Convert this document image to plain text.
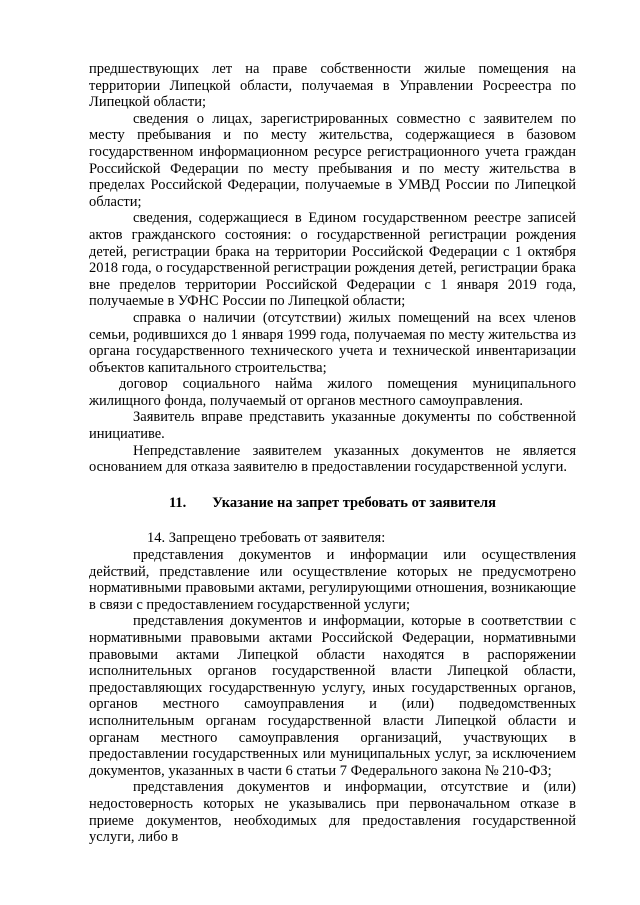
предшествующих лет на праве собственности жилые помещения на территории Липецкой области, получаемая в Управлении Росреестра по Липецкой области;

сведения о лицах, зарегистрированных совместно с заявителем по месту пребывания и по месту жительства, содержащиеся в базовом государственном информационном ресурсе регистрационного учета граждан Российской Федерации по месту пребывания и по месту жительства в пределах Российской Федерации, получаемые в УМВД России по Липецкой области;

сведения, содержащиеся в Едином государственном реестре записей актов гражданского состояния: о государственной регистрации рождения детей, регистрации брака на территории Российской Федерации с 1 октября 2018 года, о государственной регистрации рождения детей, регистрации брака вне пределов территории Российской Федерации с 1 января 2019 года, получаемые в УФНС России по Липецкой области;

справка о наличии (отсутствии) жилых помещений на всех членов семьи, родившихся до 1 января 1999 года, получаемая по месту жительства из органа государственного технического учета и технической инвентаризации объектов капитального строительства;

договор социального найма жилого помещения муниципального жилищного фонда, получаемый от органов местного самоуправления.

Заявитель вправе представить указанные документы по собственной инициативе.

Непредставление заявителем указанных документов не является основанием для отказа заявителю в предоставлении государственной услуги.

11. Указание на запрет требовать от заявителя

14. Запрещено требовать от заявителя:

представления документов и информации или осуществления действий, представление или осуществление которых не предусмотрено нормативными правовыми актами, регулирующими отношения, возникающие в связи с предоставлением государственной услуги;

представления документов и информации, которые в соответствии с нормативными правовыми актами Российской Федерации, нормативными правовыми актами Липецкой области находятся в распоряжении исполнительных органов государственной власти Липецкой области, предоставляющих государственную услугу, иных государственных органов, органов местного самоуправления и (или) подведомственных исполнительным органам государственной власти Липецкой области и органам местного самоуправления организаций, участвующих в предоставлении государственных или муниципальных услуг, за исключением документов, указанных в части 6 статьи 7 Федерального закона № 210-ФЗ;

представления документов и информации, отсутствие и (или) недостоверность которых не указывались при первоначальном отказе в приеме документов, необходимых для предоставления государственной услуги, либо в
